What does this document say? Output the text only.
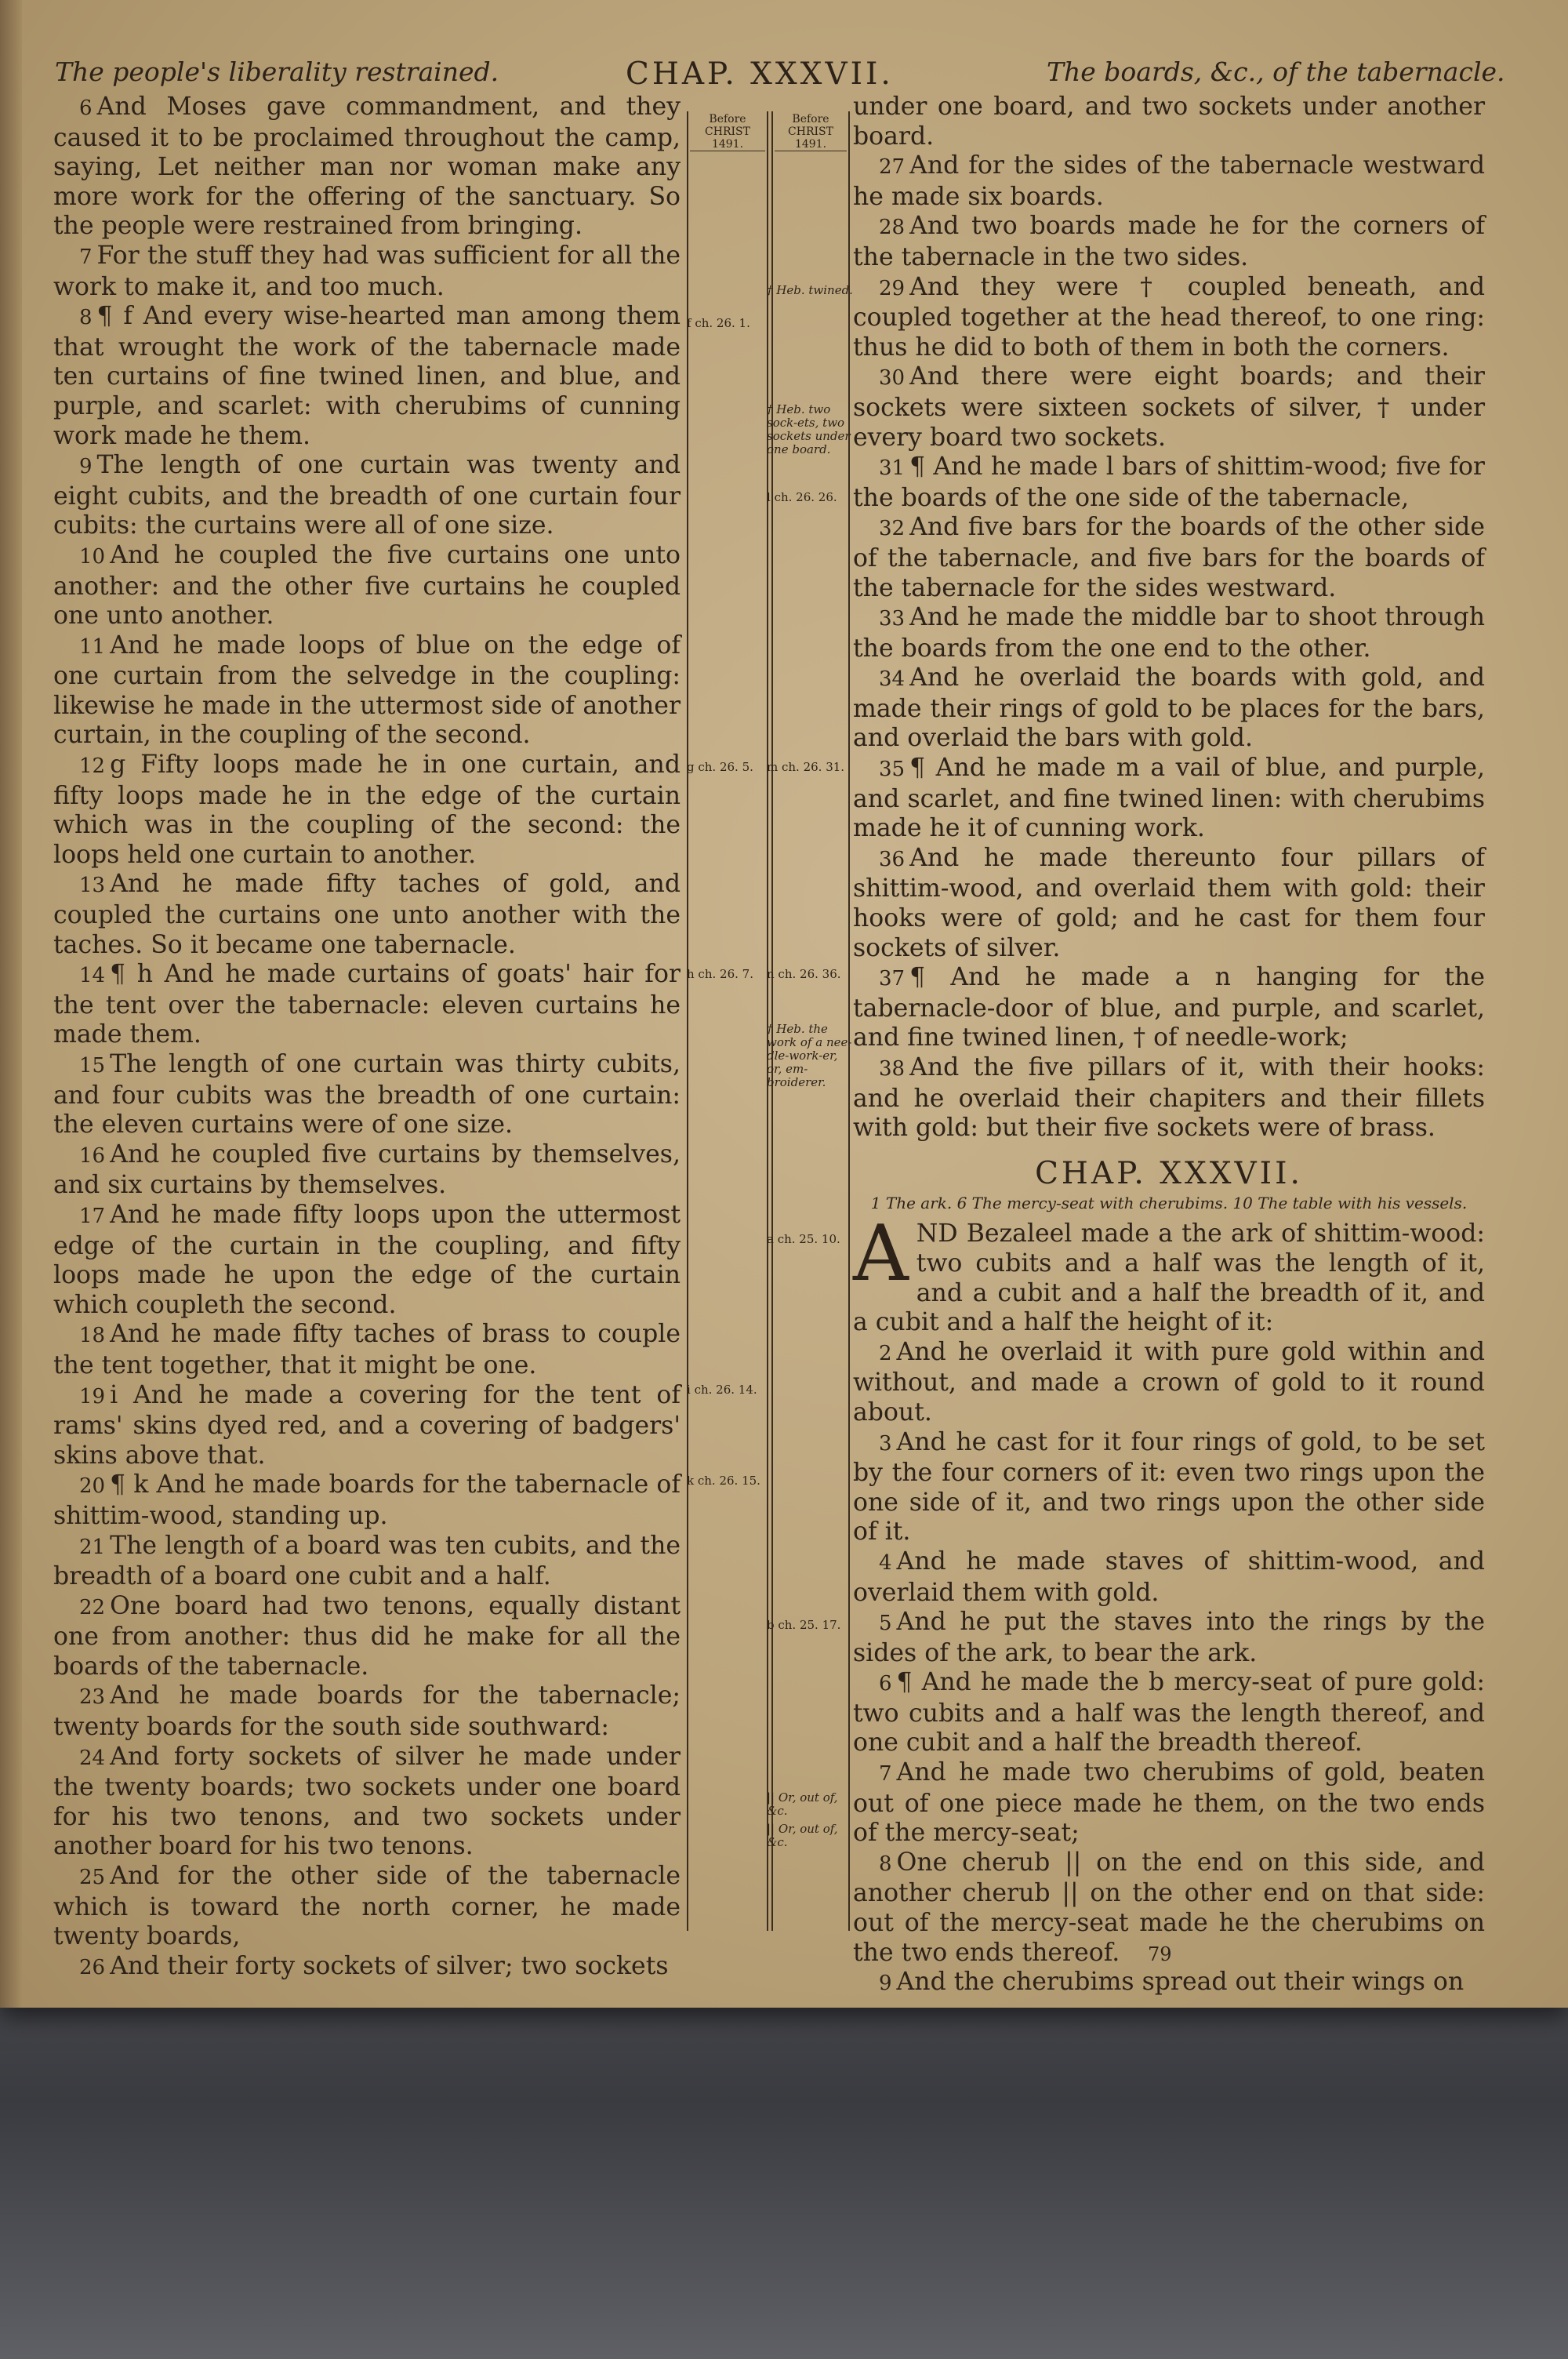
The people's liberality restrained.	CHAP. XXXVII.	The boards, &c., of the tabernacle.
Before
CHRIST
1491.
Before
CHRIST
1491.
f ch. 26. 1.
g ch. 26. 5.
h ch. 26. 7.
i ch. 26. 14.
k ch. 26. 15.
† Heb. twined.
† Heb. two sock-ets, two sockets under one board.
l ch. 26. 26.
m ch. 26. 31.
n ch. 26. 36.
† Heb. the work of a nee-dle-work-er, or, em-broiderer.
a ch. 25. 10.
b ch. 25. 17.
|| Or, out of, &c.
|| Or, out of, &c.

6 And Moses gave commandment, and they caused it to be proclaimed throughout the camp, saying, Let neither man nor woman make any more work for the offering of the sanctuary. So the people were restrained from bringing.

7 For the stuff they had was sufficient for all the work to make it, and too much.

8 ¶ f And every wise-hearted man among them that wrought the work of the tabernacle made ten curtains of fine twined linen, and blue, and purple, and scarlet: with cherubims of cunning work made he them.

9 The length of one curtain was twenty and eight cubits, and the breadth of one curtain four cubits: the curtains were all of one size.

10 And he coupled the five curtains one unto another: and the other five curtains he coupled one unto another.

11 And he made loops of blue on the edge of one curtain from the selvedge in the coupling: likewise he made in the uttermost side of another curtain, in the coupling of the second.

12 g Fifty loops made he in one curtain, and fifty loops made he in the edge of the curtain which was in the coupling of the second: the loops held one curtain to another.

13 And he made fifty taches of gold, and coupled the curtains one unto another with the taches. So it became one tabernacle.

14 ¶ h And he made curtains of goats' hair for the tent over the tabernacle: eleven curtains he made them.

15 The length of one curtain was thirty cubits, and four cubits was the breadth of one curtain: the eleven curtains were of one size.

16 And he coupled five curtains by themselves, and six curtains by themselves.

17 And he made fifty loops upon the uttermost edge of the curtain in the coupling, and fifty loops made he upon the edge of the curtain which coupleth the second.

18 And he made fifty taches of brass to couple the tent together, that it might be one.

19 i And he made a covering for the tent of rams' skins dyed red, and a covering of badgers' skins above that.

20 ¶ k And he made boards for the tabernacle of shittim-wood, standing up.

21 The length of a board was ten cubits, and the breadth of a board one cubit and a half.

22 One board had two tenons, equally distant one from another: thus did he make for all the boards of the tabernacle.

23 And he made boards for the tabernacle; twenty boards for the south side southward:

24 And forty sockets of silver he made under the twenty boards; two sockets under one board for his two tenons, and two sockets under another board for his two tenons.

25 And for the other side of the tabernacle which is toward the north corner, he made twenty boards,

26 And their forty sockets of silver; two sockets

under one board, and two sockets under another board.

27 And for the sides of the tabernacle westward he made six boards.

28 And two boards made he for the corners of the tabernacle in the two sides.

29 And they were † coupled beneath, and coupled together at the head thereof, to one ring: thus he did to both of them in both the corners.

30 And there were eight boards; and their sockets were sixteen sockets of silver, † under every board two sockets.

31 ¶ And he made l bars of shittim-wood; five for the boards of the one side of the tabernacle,

32 And five bars for the boards of the other side of the tabernacle, and five bars for the boards of the tabernacle for the sides westward.

33 And he made the middle bar to shoot through the boards from the one end to the other.

34 And he overlaid the boards with gold, and made their rings of gold to be places for the bars, and overlaid the bars with gold.

35 ¶ And he made m a vail of blue, and purple, and scarlet, and fine twined linen: with cherubims made he it of cunning work.

36 And he made thereunto four pillars of shittim-wood, and overlaid them with gold: their hooks were of gold; and he cast for them four sockets of silver.

37 ¶ And he made a n hanging for the tabernacle-door of blue, and purple, and scarlet, and fine twined linen, † of needle-work;

38 And the five pillars of it, with their hooks: and he overlaid their chapiters and their fillets with gold: but their five sockets were of brass.

CHAP. XXXVII.

1 The ark. 6 The mercy-seat with cherubims. 10 The table with his vessels.

AND Bezaleel made a the ark of shittim-wood: two cubits and a half was the length of it, and a cubit and a half the breadth of it, and a cubit and a half the height of it:

2 And he overlaid it with pure gold within and without, and made a crown of gold to it round about.

3 And he cast for it four rings of gold, to be set by the four corners of it: even two rings upon the one side of it, and two rings upon the other side of it.

4 And he made staves of shittim-wood, and overlaid them with gold.

5 And he put the staves into the rings by the sides of the ark, to bear the ark.

6 ¶ And he made the b mercy-seat of pure gold: two cubits and a half was the length thereof, and one cubit and a half the breadth thereof.

7 And he made two cherubims of gold, beaten out of one piece made he them, on the two ends of the mercy-seat;

8 One cherub || on the end on this side, and another cherub || on the other end on that side: out of the mercy-seat made he the cherubims on the two ends thereof.

9 And the cherubims spread out their wings on

79
